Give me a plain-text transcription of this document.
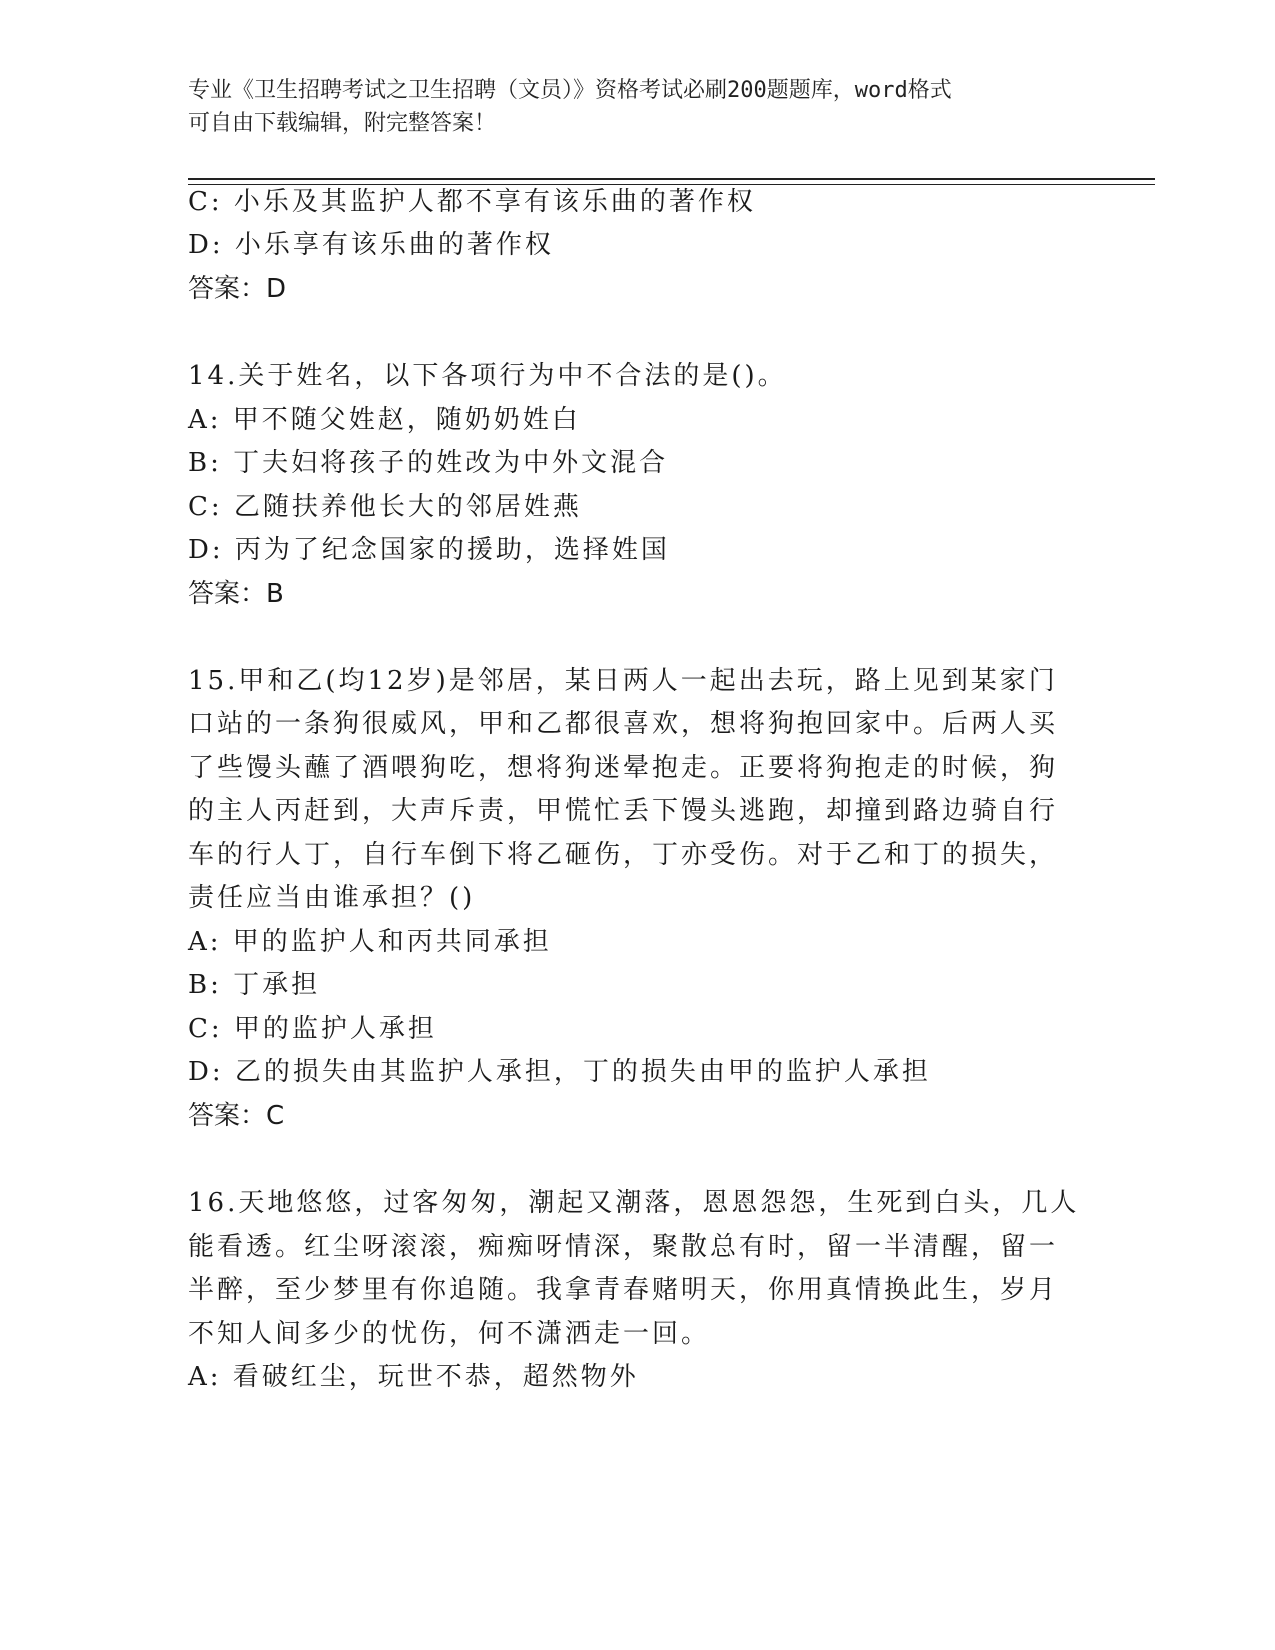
专业《卫生招聘考试之卫生招聘（文员）》资格考试必刷200题题库，word格式
可自由下载编辑，附完整答案！
C: 小乐及其监护人都不享有该乐曲的著作权
D: 小乐享有该乐曲的著作权
答案：D
14.关于姓名，以下各项行为中不合法的是()。
A: 甲不随父姓赵，随奶奶姓白
B: 丁夫妇将孩子的姓改为中外文混合
C: 乙随扶养他长大的邻居姓燕
D: 丙为了纪念国家的援助，选择姓国
答案：B
15.甲和乙(均12岁)是邻居，某日两人一起出去玩，路上见到某家门
口站的一条狗很威风，甲和乙都很喜欢，想将狗抱回家中。后两人买
了些馒头蘸了酒喂狗吃，想将狗迷晕抱走。正要将狗抱走的时候，狗
的主人丙赶到，大声斥责，甲慌忙丢下馒头逃跑，却撞到路边骑自行
车的行人丁，自行车倒下将乙砸伤，丁亦受伤。对于乙和丁的损失，
责任应当由谁承担？()
A: 甲的监护人和丙共同承担
B: 丁承担
C: 甲的监护人承担
D: 乙的损失由其监护人承担，丁的损失由甲的监护人承担
答案：C
16.天地悠悠，过客匆匆，潮起又潮落，恩恩怨怨，生死到白头，几人
能看透。红尘呀滚滚，痴痴呀情深，聚散总有时，留一半清醒，留一
半醉，至少梦里有你追随。我拿青春赌明天，你用真情换此生，岁月
不知人间多少的忧伤，何不潇洒走一回。
A: 看破红尘，玩世不恭，超然物外
